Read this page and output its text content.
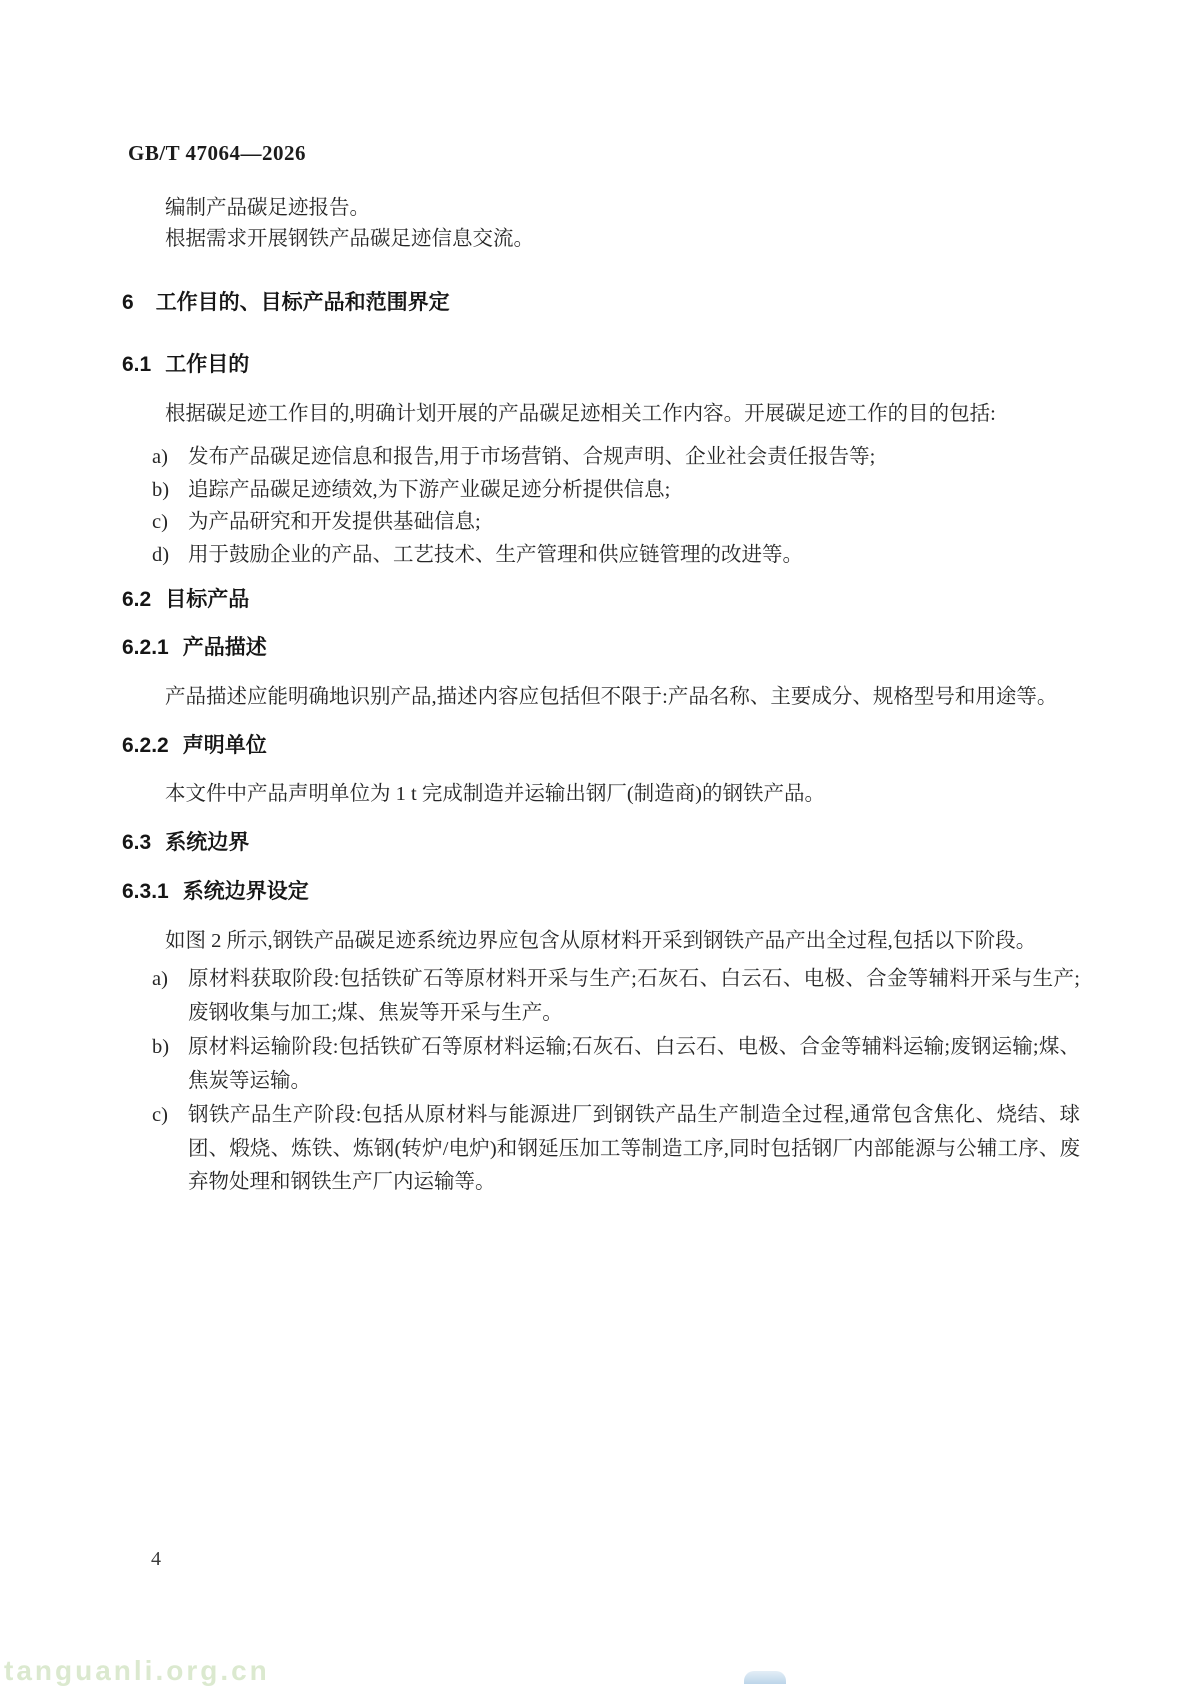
GB/T 47064—2026
编制产品碳足迹报告。
根据需求开展钢铁产品碳足迹信息交流。
6 工作目的、目标产品和范围界定
6.1 工作目的
根据碳足迹工作目的,明确计划开展的产品碳足迹相关工作内容。开展碳足迹工作的目的包括:
a) 发布产品碳足迹信息和报告,用于市场营销、合规声明、企业社会责任报告等;
b) 追踪产品碳足迹绩效,为下游产业碳足迹分析提供信息;
c) 为产品研究和开发提供基础信息;
d) 用于鼓励企业的产品、工艺技术、生产管理和供应链管理的改进等。
6.2 目标产品
6.2.1 产品描述
产品描述应能明确地识别产品,描述内容应包括但不限于:产品名称、主要成分、规格型号和用途等。
6.2.2 声明单位
本文件中产品声明单位为 1 t 完成制造并运输出钢厂(制造商)的钢铁产品。
6.3 系统边界
6.3.1 系统边界设定
如图 2 所示,钢铁产品碳足迹系统边界应包含从原材料开采到钢铁产品产出全过程,包括以下阶段。
a) 原材料获取阶段:包括铁矿石等原材料开采与生产;石灰石、白云石、电极、合金等辅料开采与生产;废钢收集与加工;煤、焦炭等开采与生产。
b) 原材料运输阶段:包括铁矿石等原材料运输;石灰石、白云石、电极、合金等辅料运输;废钢运输;煤、焦炭等运输。
c) 钢铁产品生产阶段:包括从原材料与能源进厂到钢铁产品生产制造全过程,通常包含焦化、烧结、球团、煅烧、炼铁、炼钢(转炉/电炉)和钢延压加工等制造工序,同时包括钢厂内部能源与公辅工序、废弃物处理和钢铁生产厂内运输等。
4
tanguanli.org.cn
